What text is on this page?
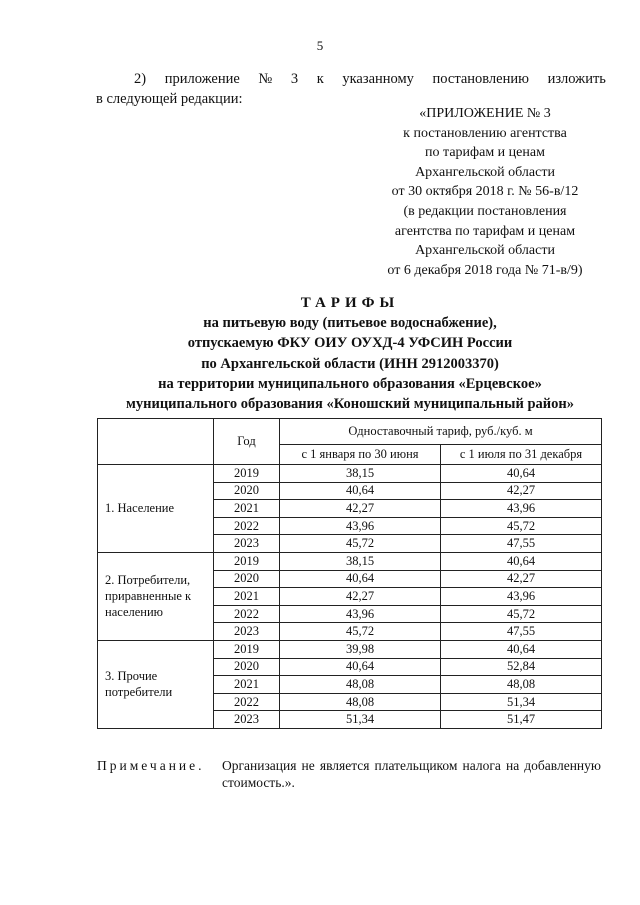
5
2) приложение № 3 к указанному постановлению изложить
в следующей редакции:
«ПРИЛОЖЕНИЕ № 3
к постановлению агентства
по тарифам и ценам
Архангельской области
от 30 октября 2018 г. № 56-в/12
(в редакции постановления
агентства по тарифам и ценам
Архангельской области
от 6 декабря 2018 года № 71-в/9)
ТАРИФЫ
на питьевую воду (питьевое водоснабжение),
отпускаемую ФКУ ОИУ ОУХД-4 УФСИН России
по Архангельской области (ИНН 2912003370)
на территории муниципального образования «Ерцевское»
муниципального образования «Коношский муниципальный район»
	Год	Одноставочный тариф, руб./куб. м	
		с 1 января по 30 июня	с 1 июля по 31 декабря
1. Население	2019	38,15	40,64
	2020	40,64	42,27
	2021	42,27	43,96
	2022	43,96	45,72
	2023	45,72	47,55
2. Потребители, приравненные к населению	2019	38,15	40,64
	2020	40,64	42,27
	2021	42,27	43,96
	2022	43,96	45,72
	2023	45,72	47,55
3. Прочие потребители	2019	39,98	40,64
	2020	40,64	52,84
	2021	48,08	48,08
	2022	48,08	51,34
	2023	51,34	51,47
Примечание.	Организация не является плательщиком налога на добавленную стоимость.».
